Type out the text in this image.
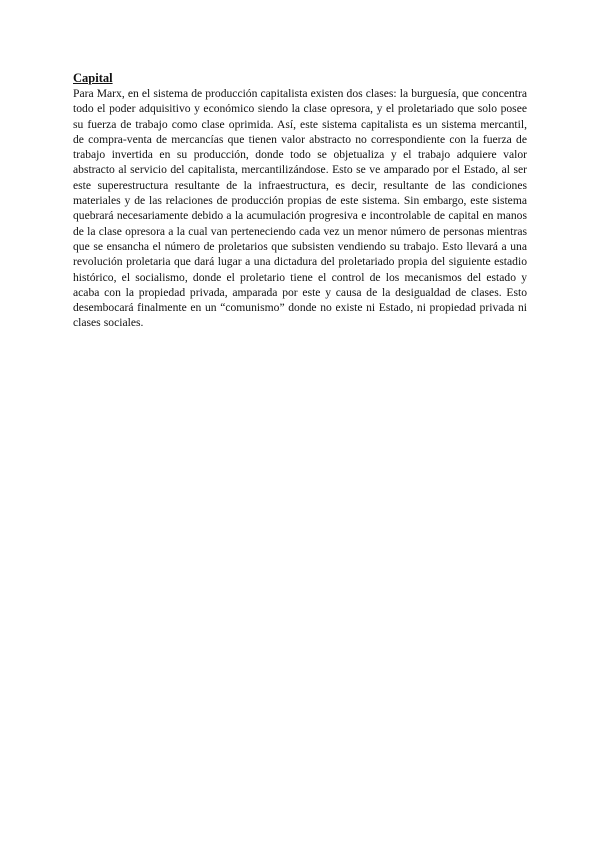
Capital

Para Marx, en el sistema de producción capitalista existen dos clases: la burguesía, que concentra todo el poder adquisitivo y económico siendo la clase opresora, y el proletariado que solo posee su fuerza de trabajo como clase oprimida. Así, este sistema capitalista es un sistema mercantil, de compra-venta de mercancías que tienen valor abstracto no correspondiente con la fuerza de trabajo invertida en su producción, donde todo se objetualiza y el trabajo adquiere valor abstracto al servicio del capitalista, mercantilizándose. Esto se ve amparado por el Estado, al ser este superestructura resultante de la infraestructura, es decir, resultante de las condiciones materiales y de las relaciones de producción propias de este sistema. Sin embargo, este sistema quebrará necesariamente debido a la acumulación progresiva e incontrolable de capital en manos de la clase opresora a la cual van perteneciendo cada vez un menor número de personas mientras que se ensancha el número de proletarios que subsisten vendiendo su trabajo. Esto llevará a una revolución proletaria que dará lugar a una dictadura del proletariado propia del siguiente estadio histórico, el socialismo, donde el proletario tiene el control de los mecanismos del estado y acaba con la propiedad privada, amparada por este y causa de la desigualdad de clases. Esto desembocará finalmente en un “comunismo” donde no existe ni Estado, ni propiedad privada ni clases sociales.
